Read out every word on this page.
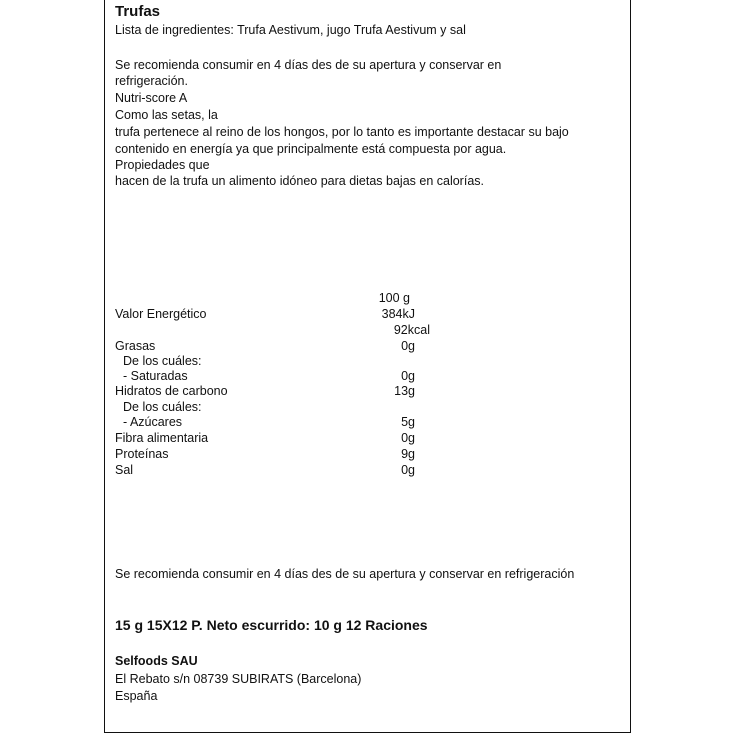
Trufas
Lista de ingredientes: Trufa Aestivum, jugo Trufa Aestivum y sal
Se recomienda consumir en 4 días des de su apertura y conservar en
refrigeración.
Nutri-score A
Como las setas, la
trufa pertenece al reino de los hongos, por lo tanto es importante destacar su bajo
contenido en energía ya que principalmente está compuesta por agua.
Propiedades que
hacen de la trufa un alimento idóneo para dietas bajas en calorías.
100 g
Valor Energético	384kJ
92kcal
Grasas	0g
De los cuáles:
- Saturadas	0g
Hidratos de carbono	13g
De los cuáles:
- Azúcares	5g
Fibra alimentaria	0g
Proteínas	9g
Sal	0g
Se recomienda consumir en 4 días des de su apertura y conservar en refrigeración
15 g 15X12 P. Neto escurrido: 10 g 12 Raciones
Selfoods SAU
El Rebato s/n 08739 SUBIRATS (Barcelona)
España
